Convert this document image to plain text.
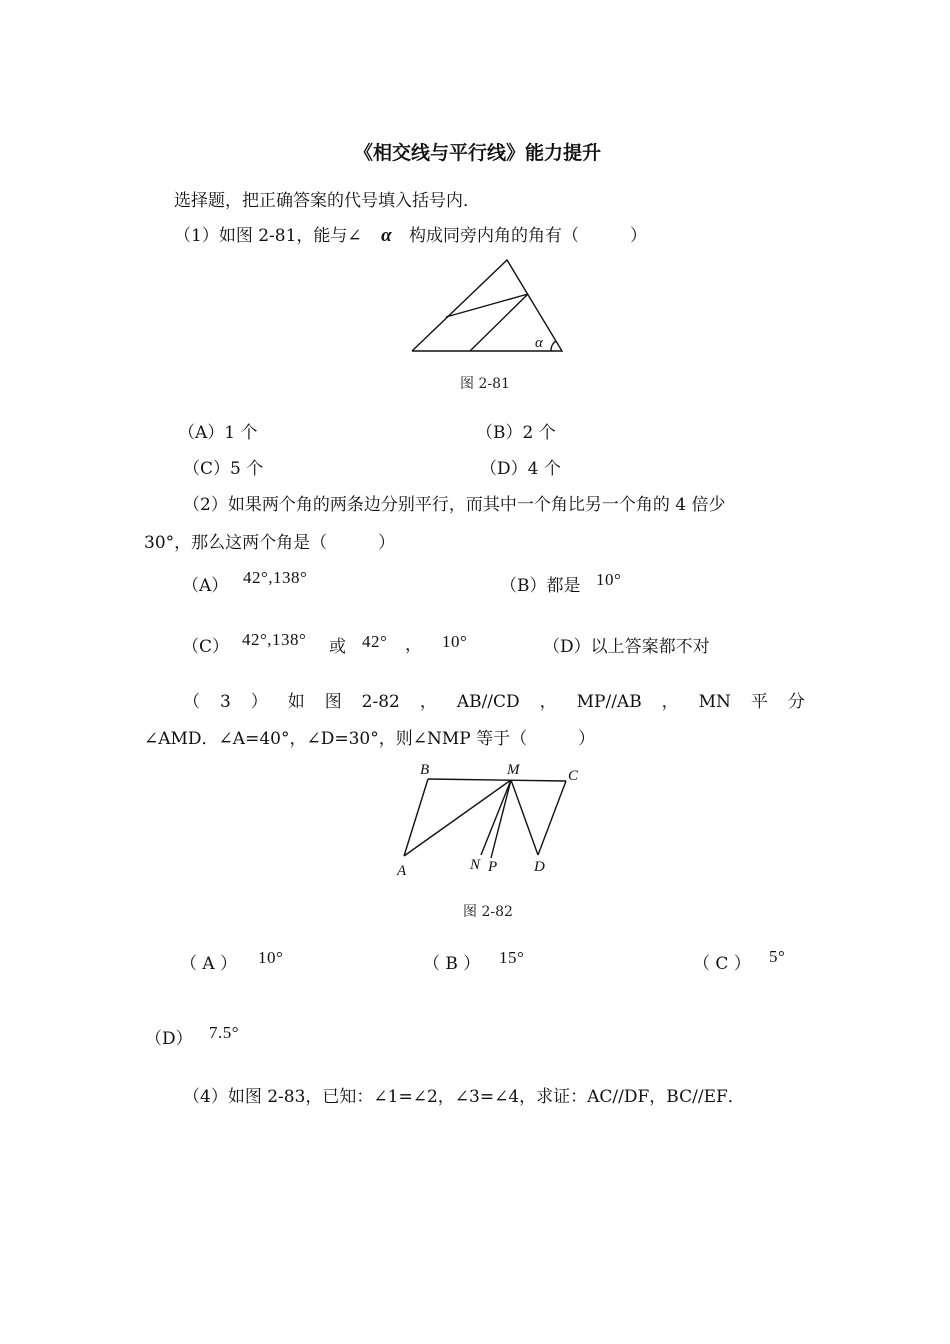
《相交线与平行线》能力提升
选择题，把正确答案的代号填入括号内．
（1）如图 2-81，能与∠ α 构成同旁内角的角有（　　　）
α
图 2-81
（A）1 个	（B）2 个
（C）5 个	（D）4 个
（2）如果两个角的两条边分别平行，而其中一个角比另一个角的 4 倍少
30°，那么这两个角是（　　　）
（A） 42°,138°	（B）都是 10°
（C） 42°,138° 或 42° ， 10°	（D）以上答案都不对
（ 3 ） 如 图 2-82 ， AB//CD ， MP//AB ， MN 平 分
∠AMD．∠A=40°，∠D=30°，则∠NMP 等于（　　　）
B	M	C
A	N P D
图 2-82
（ A ） 10°	（ B ） 15°	（ C ） 5°
（D） 7.5°
（4）如图 2-83，已知：∠1=∠2，∠3=∠4，求证：AC//DF，BC//EF．
